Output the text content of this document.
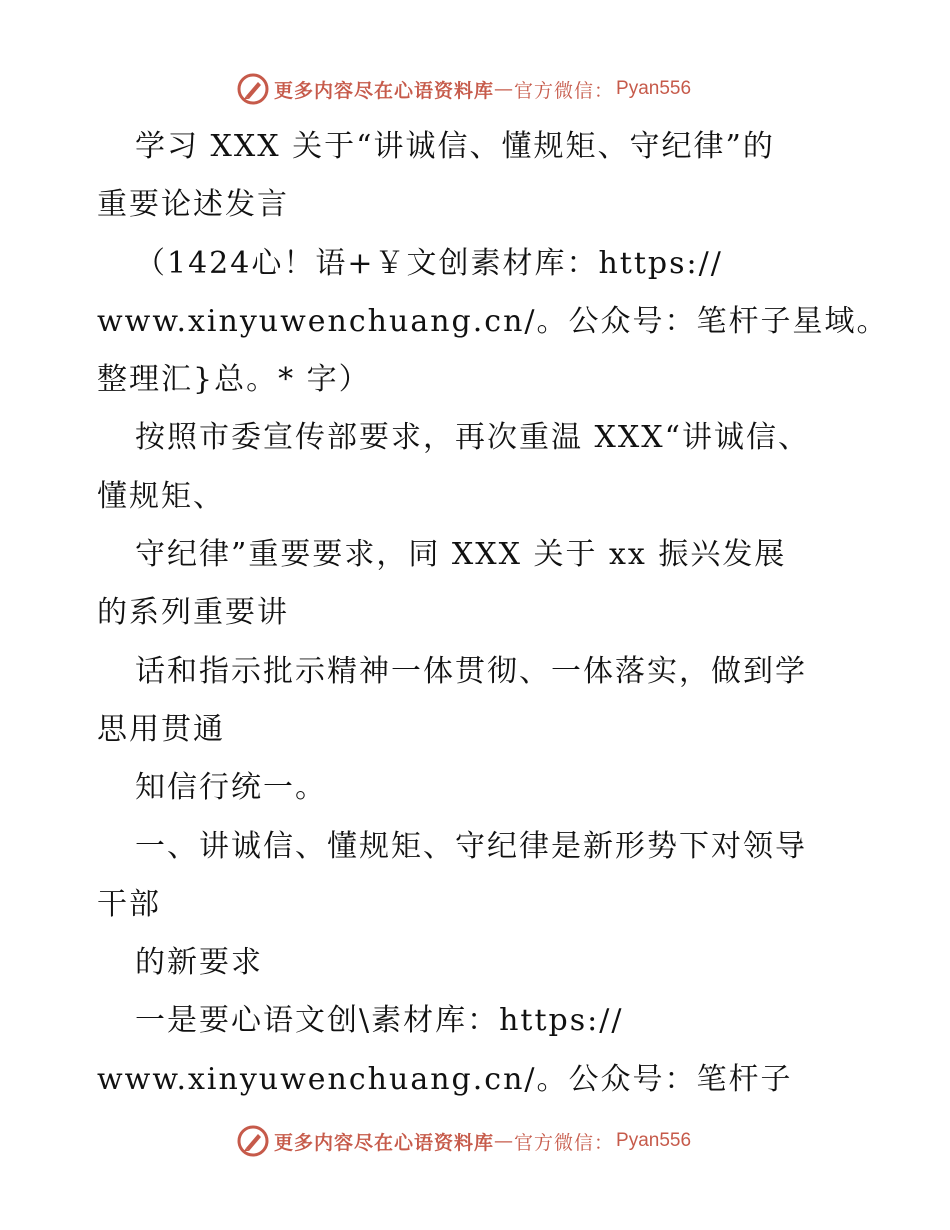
更多内容尽在心语资料库 — 官方微信： Pyan556
学习 XXX 关于“讲诚信、懂规矩、守纪律”的
重要论述发言
（1424心！语+￥文创素材库：https://
www.xinyuwenchuang.cn/。公众号：笔杆子星域。
整理汇}总。* 字）
按照市委宣传部要求，再次重温 XXX“讲诚信、
懂规矩、
守纪律”重要要求，同 XXX 关于 xx 振兴发展
的系列重要讲
话和指示批示精神一体贯彻、一体落实，做到学
思用贯通
知信行统一。
一、讲诚信、懂规矩、守纪律是新形势下对领导
干部
的新要求
一是要心语文创\素材库：https://
www.xinyuwenchuang.cn/。公众号：笔杆子
更多内容尽在心语资料库 — 官方微信： Pyan556
